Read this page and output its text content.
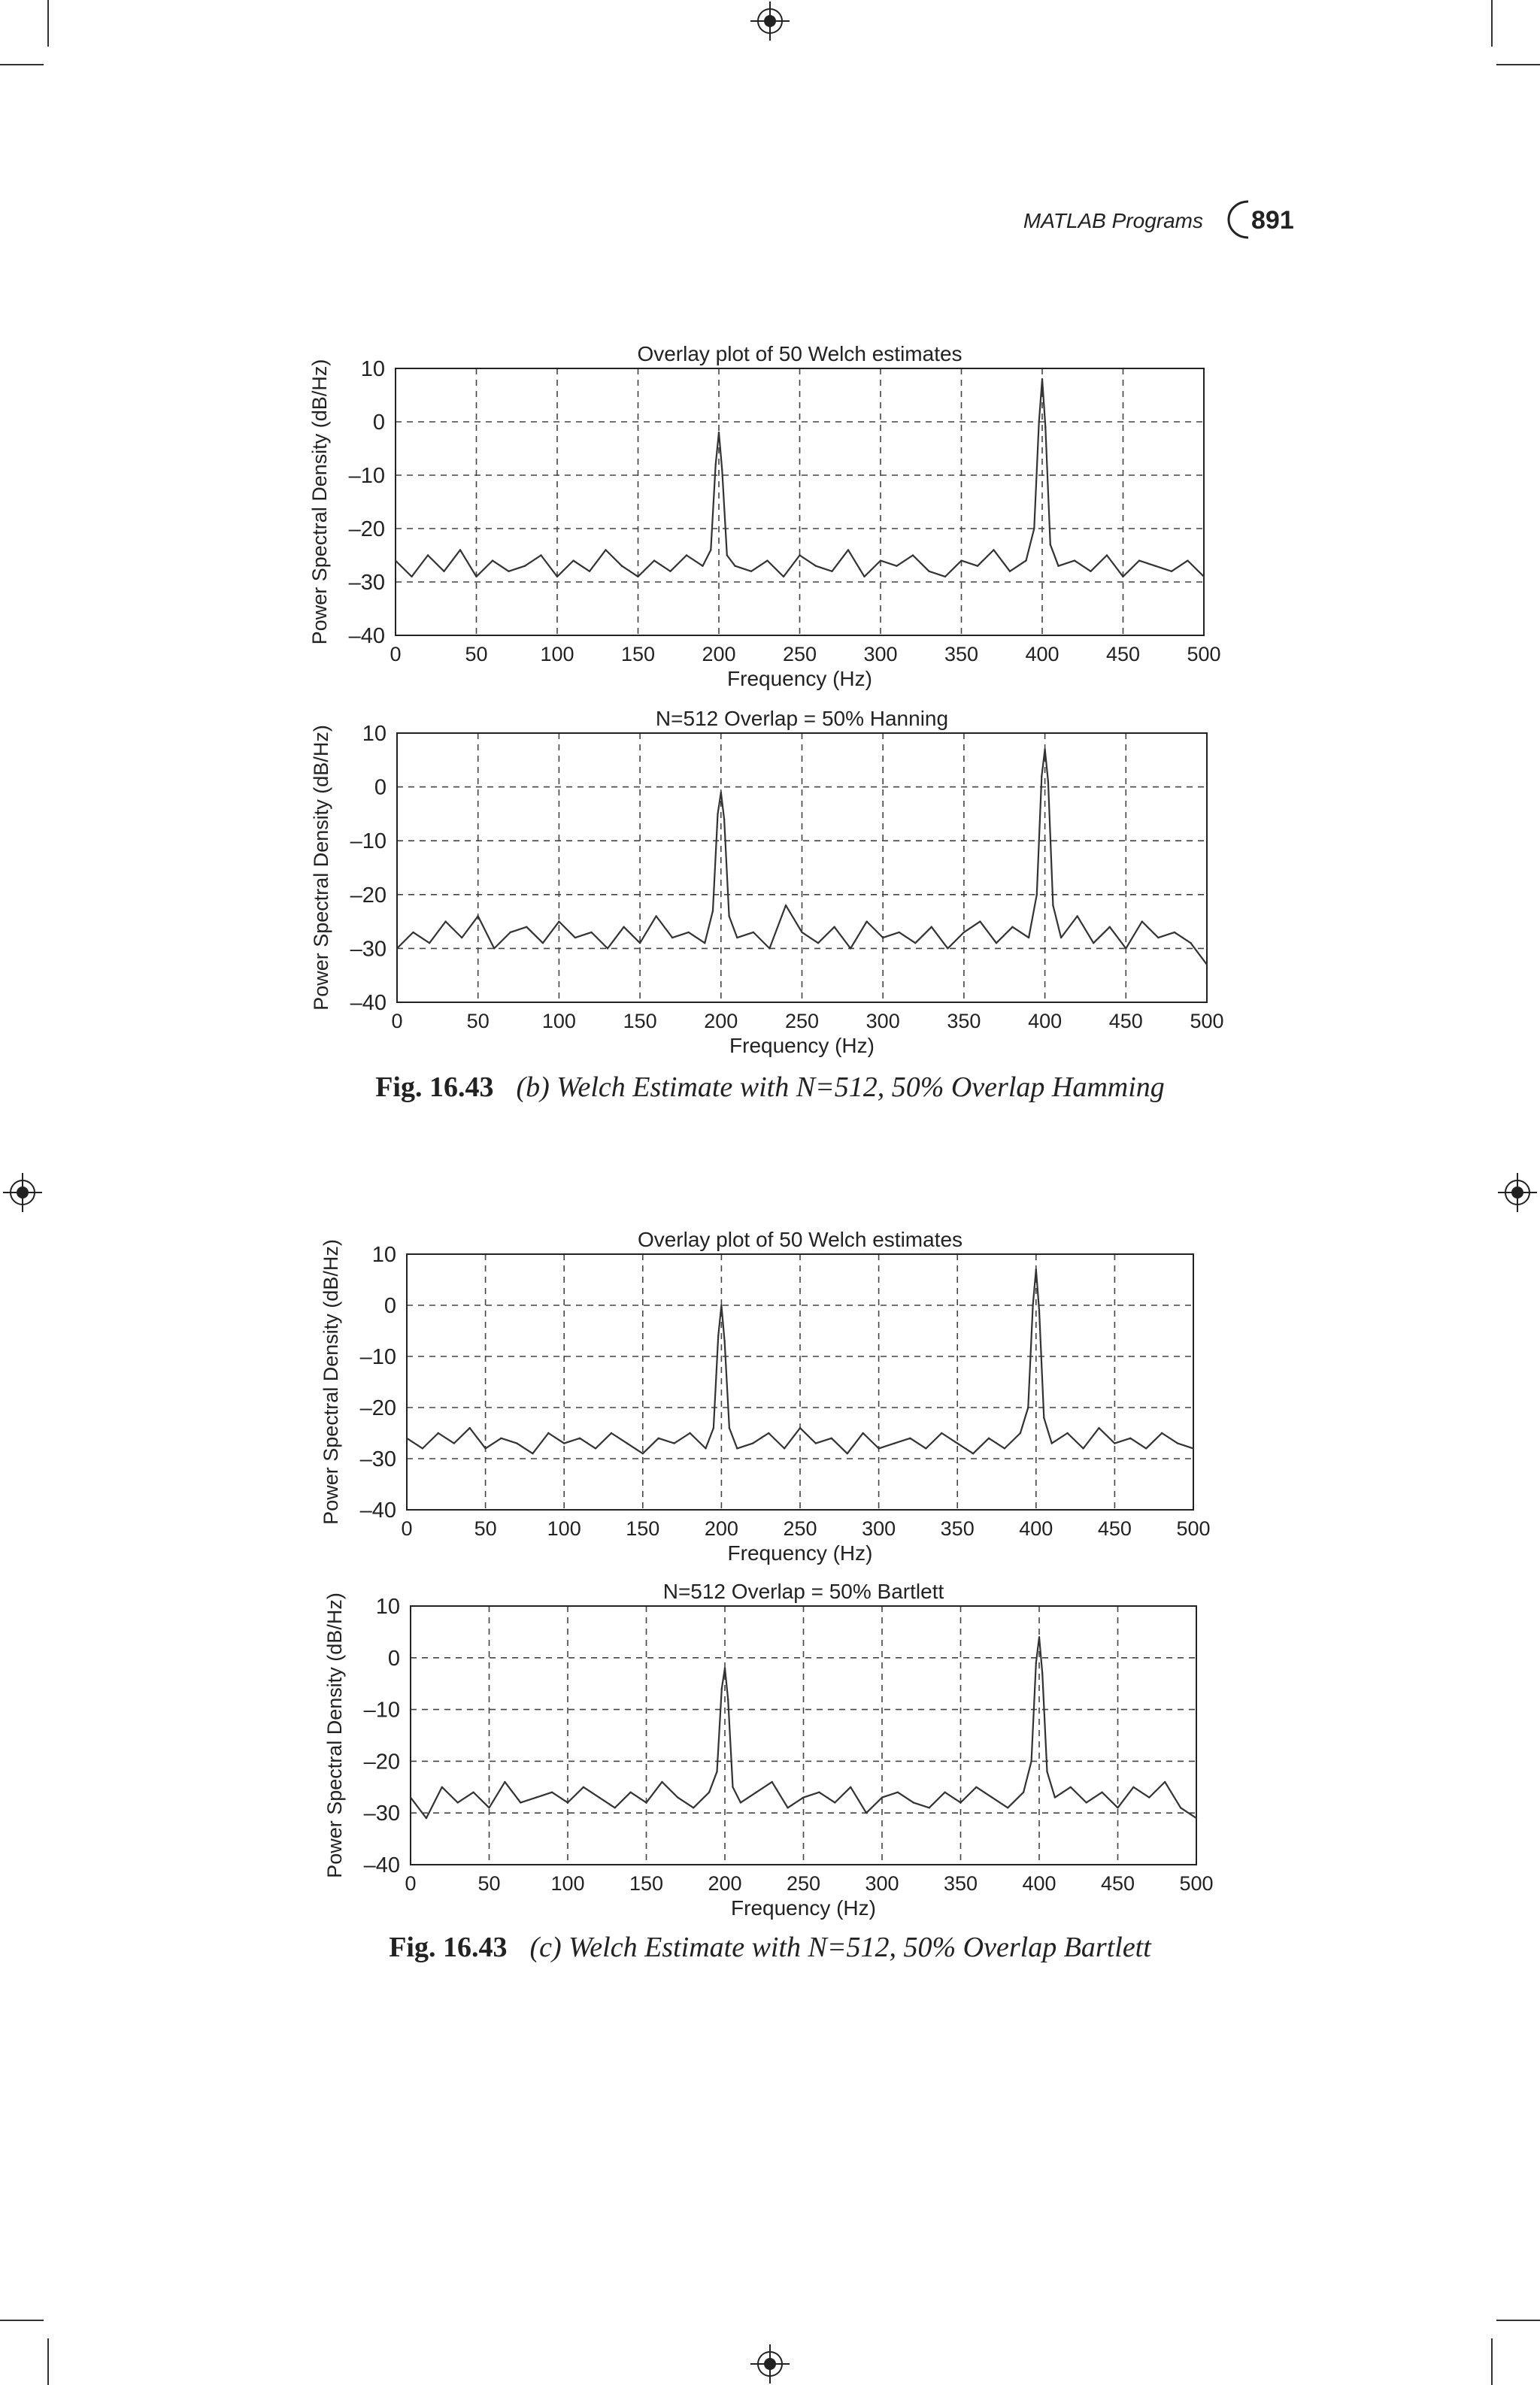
MATLAB Programs 891
Fig. 16.43 (b) Welch Estimate with N=512, 50% Overlap Hamming
Fig. 16.43 (c) Welch Estimate with N=512, 50% Overlap Bartlett
0	50	100 150 200 250 300 350 400 450 500
10
0
–10
–20
–30
–40
Overlay plot of 50 Welch estimates
Frequency (Hz)
Power Spectral Density (dB/Hz)
0	50	100 150 200 250 300 350 400 450 500
10
0
–10
–20
–30
–40
N=512 Overlap = 50% Hanning
Frequency (Hz)
Power Spectral Density (dB/Hz)
0	50 100 150 200 250 300 350 400 450 500
10
0
–10
–20
–30
–40
Overlay plot of 50 Welch estimates
Frequency (Hz)
Power Spectral Density (dB/Hz)
0	50 100 150 200 250 300 350 400 450 500
10
0
–10
–20
–30
–40
N=512 Overlap = 50% Bartlett
Frequency (Hz)
Power Spectral Density (dB/Hz)
